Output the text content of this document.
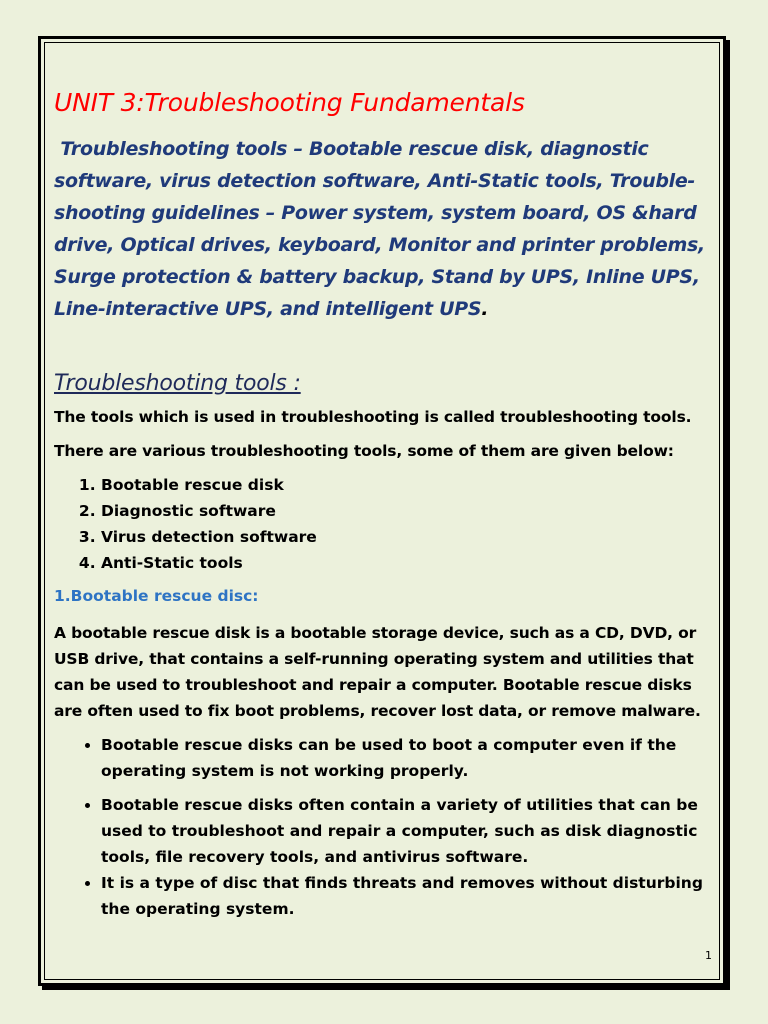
UNIT 3:Troubleshooting Fundamentals

Troubleshooting tools – Bootable rescue disk, diagnostic software, virus detection software, Anti-Static tools, Trouble-shooting guidelines – Power system, system board, OS &hard drive, Optical drives, keyboard, Monitor and printer problems, Surge protection & battery backup, Stand by UPS, Inline UPS, Line-interactive UPS, and intelligent UPS.

Troubleshooting tools :

The tools which is used in troubleshooting is called troubleshooting tools.

There are various troubleshooting tools, some of them are given below:

1. Bootable rescue disk
2. Diagnostic software
3. Virus detection software
4. Anti-Static tools
1.Bootable rescue disc:

A bootable rescue disk is a bootable storage device, such as a CD, DVD, or USB drive, that contains a self-running operating system and utilities that can be used to troubleshoot and repair a computer. Bootable rescue disks are often used to fix boot problems, recover lost data, or remove malware.

• Bootable rescue disks can be used to boot a computer even if the operating system is not working properly.
• Bootable rescue disks often contain a variety of utilities that can be used to troubleshoot and repair a computer, such as disk diagnostic tools, file recovery tools, and antivirus software.
• It is a type of disc that finds threats and removes without disturbing the operating system.
1
